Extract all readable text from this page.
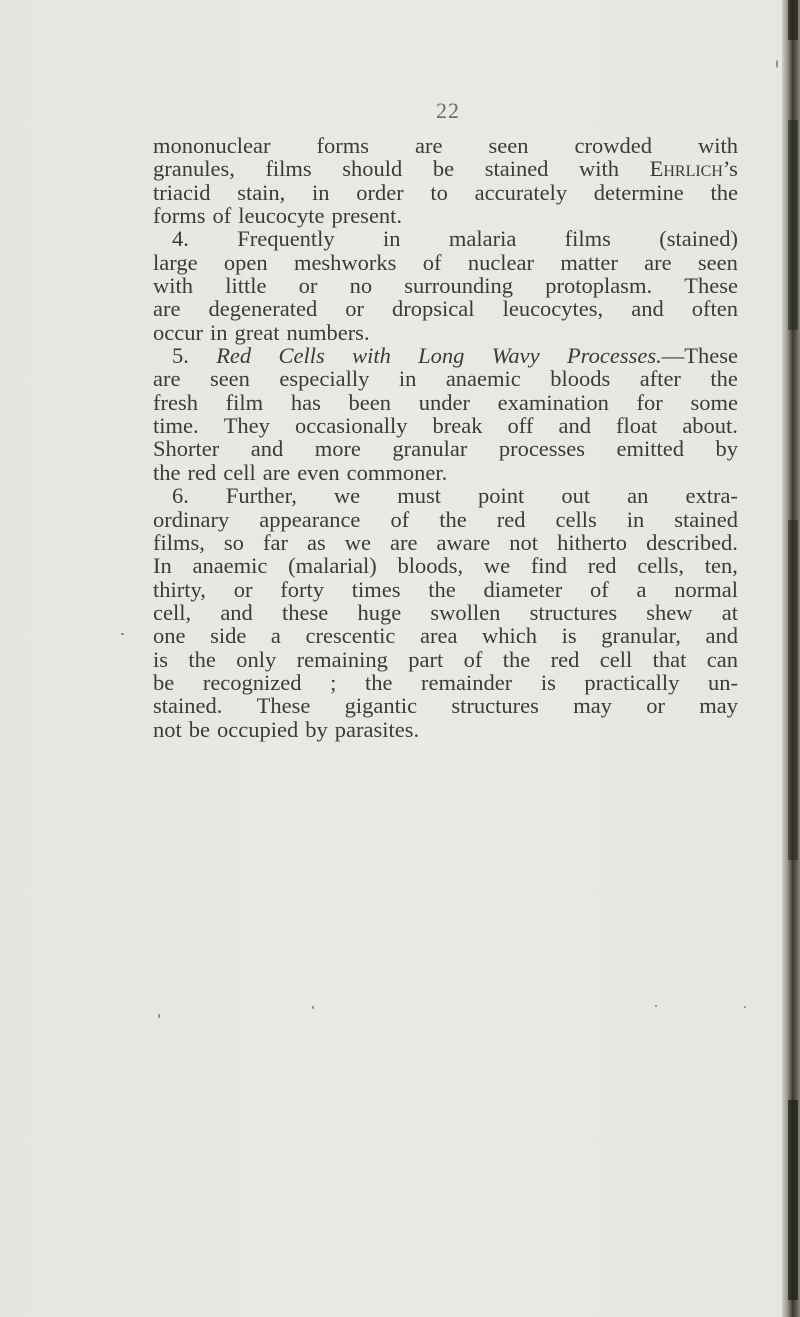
22
mononuclear forms are seen crowded with
granules, films should be stained with Ehrlich’s
triacid stain, in order to accurately determine the
forms of leucocyte present.
4. Frequently in malaria films (stained)
large open meshworks of nuclear matter are seen
with little or no surrounding protoplasm. These
are degenerated or dropsical leucocytes, and often
occur in great numbers.
5. Red Cells with Long Wavy Processes.—These
are seen especially in anaemic bloods after the
fresh film has been under examination for some
time. They occasionally break off and float about.
Shorter and more granular processes emitted by
the red cell are even commoner.
6. Further, we must point out an extra-
ordinary appearance of the red cells in stained
films, so far as we are aware not hitherto described.
In anaemic (malarial) bloods, we find red cells, ten,
thirty, or forty times the diameter of a normal
cell, and these huge swollen structures shew at
one side a crescentic area which is granular, and
is the only remaining part of the red cell that can
be recognized ; the remainder is practically un-
stained. These gigantic structures may or may
not be occupied by parasites.
